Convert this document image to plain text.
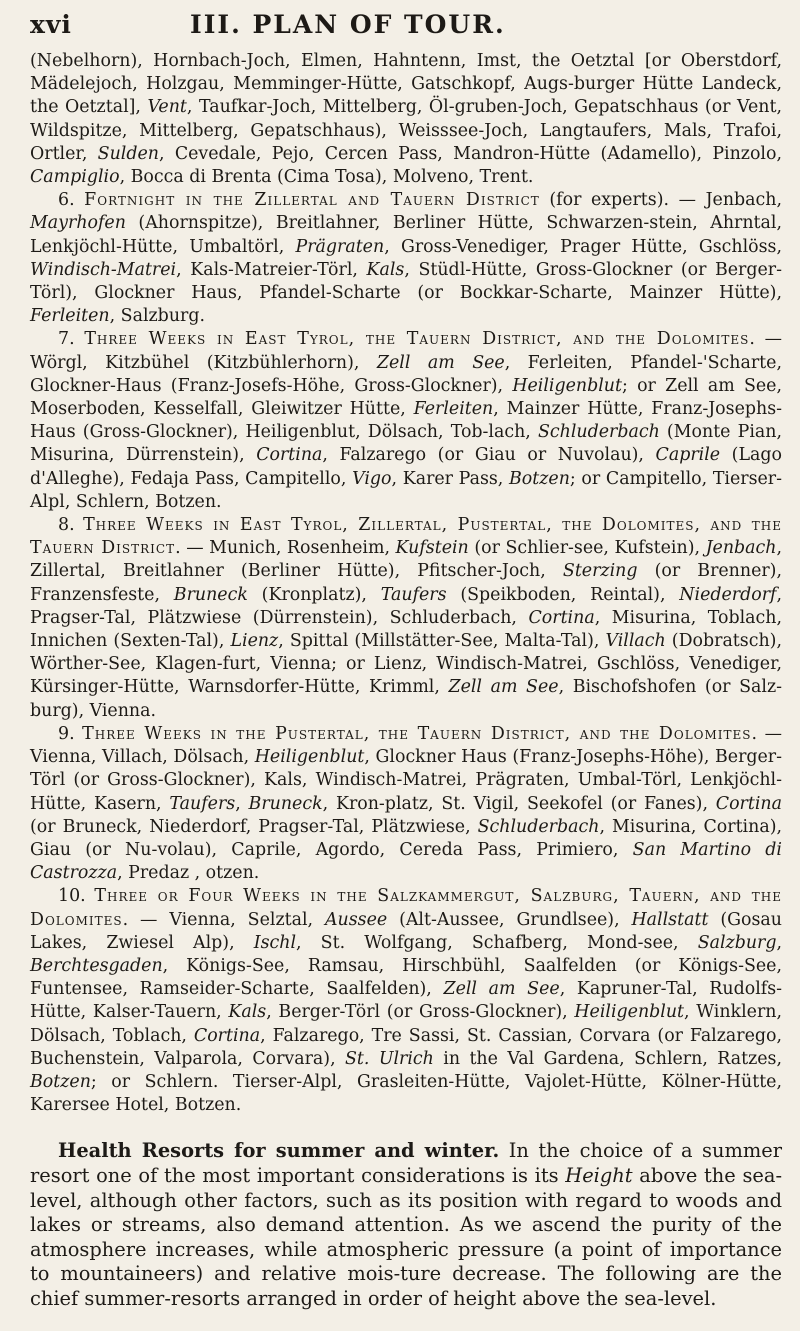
xvi	III. PLAN OF TOUR.

(Nebelhorn), Hornbach-Joch, Elmen, Hahntenn, Imst, the Oetztal [or Oberstdorf, Mädelejoch, Holzgau, Memminger-Hütte, Gatschkopf, Augs-burger Hütte Landeck, the Oetztal], Vent, Taufkar-Joch, Mittelberg, Öl-gruben-Joch, Gepatschhaus (or Vent, Wildspitze, Mittelberg, Gepatschhaus), Weisssee-Joch, Langtaufers, Mals, Trafoi, Ortler, Sulden, Cevedale, Pejo, Cercen Pass, Mandron-Hütte (Adamello), Pinzolo, Campiglio, Bocca di Brenta (Cima Tosa), Molveno, Trent.

6. Fortnight in the Zillertal and Tauern District (for experts). — Jenbach, Mayrhofen (Ahornspitze), Breitlahner, Berliner Hütte, Schwarzen-stein, Ahrntal, Lenkjöchl-Hütte, Umbaltörl, Prägraten, Gross-Venediger, Prager Hütte, Gschlöss, Windisch-Matrei, Kals-Matreier-Törl, Kals, Stüdl-Hütte, Gross-Glockner (or Berger-Törl), Glockner Haus, Pfandel-Scharte (or Bockkar-Scharte, Mainzer Hütte), Ferleiten, Salzburg.

7. Three Weeks in East Tyrol, the Tauern District, and the Dolomites. — Wörgl, Kitzbühel (Kitzbühlerhorn), Zell am See, Ferleiten, Pfandel-'Scharte, Glockner-Haus (Franz-Josefs-Höhe, Gross-Glockner), Heiligenblut; or Zell am See, Moserboden, Kesselfall, Gleiwitzer Hütte, Ferleiten, Mainzer Hütte, Franz-Josephs-Haus (Gross-Glockner), Heiligenblut, Dölsach, Tob-lach, Schluderbach (Monte Pian, Misurina, Dürrenstein), Cortina, Falzarego (or Giau or Nuvolau), Caprile (Lago d'Alleghe), Fedaja Pass, Campitello, Vigo, Karer Pass, Botzen; or Campitello, Tierser-Alpl, Schlern, Botzen.

8. Three Weeks in East Tyrol, Zillertal, Pustertal, the Dolomites, and the Tauern District. — Munich, Rosenheim, Kufstein (or Schlier-see, Kufstein), Jenbach, Zillertal, Breitlahner (Berliner Hütte), Pfitscher-Joch, Sterzing (or Brenner), Franzensfeste, Bruneck (Kronplatz), Taufers (Speikboden, Reintal), Niederdorf, Pragser-Tal, Plätzwiese (Dürrenstein), Schluderbach, Cortina, Misurina, Toblach, Innichen (Sexten-Tal), Lienz, Spittal (Millstätter-See, Malta-Tal), Villach (Dobratsch), Wörther-See, Klagen-furt, Vienna; or Lienz, Windisch-Matrei, Gschlöss, Venediger, Kürsinger-Hütte, Warnsdorfer-Hütte, Krimml, Zell am See, Bischofshofen (or Salz-burg), Vienna.

9. Three Weeks in the Pustertal, the Tauern District, and the Dolomites. — Vienna, Villach, Dölsach, Heiligenblut, Glockner Haus (Franz-Josephs-Höhe), Berger-Törl (or Gross-Glockner), Kals, Windisch-Matrei, Prägraten, Umbal-Törl, Lenkjöchl-Hütte, Kasern, Taufers, Bruneck, Kron-platz, St. Vigil, Seekofel (or Fanes), Cortina (or Bruneck, Niederdorf, Pragser-Tal, Plätzwiese, Schluderbach, Misurina, Cortina), Giau (or Nu-volau), Caprile, Agordo, Cereda Pass, Primiero, San Martino di Castrozza, Predaz , otzen.

10. Three or Four Weeks in the Salzkammergut, Salzburg, Tauern, and the Dolomites. — Vienna, Selztal, Aussee (Alt-Aussee, Grundlsee), Hallstatt (Gosau Lakes, Zwiesel Alp), Ischl, St. Wolfgang, Schafberg, Mond-see, Salzburg, Berchtesgaden, Königs-See, Ramsau, Hirschbühl, Saalfelden (or Königs-See, Funtensee, Ramseider-Scharte, Saalfelden), Zell am See, Kapruner-Tal, Rudolfs-Hütte, Kalser-Tauern, Kals, Berger-Törl (or Gross-Glockner), Heiligenblut, Winklern, Dölsach, Toblach, Cortina, Falzarego, Tre Sassi, St. Cassian, Corvara (or Falzarego, Buchenstein, Valparola, Corvara), St. Ulrich in the Val Gardena, Schlern, Ratzes, Botzen; or Schlern. Tierser-Alpl, Grasleiten-Hütte, Vajolet-Hütte, Kölner-Hütte, Karersee Hotel, Botzen.

Health Resorts for summer and winter. In the choice of a summer resort one of the most important considerations is its Height above the sea-level, although other factors, such as its position with regard to woods and lakes or streams, also demand attention. As we ascend the purity of the atmosphere increases, while atmospheric pressure (a point of importance to mountaineers) and relative mois-ture decrease. The following are the chief summer-resorts arranged in order of height above the sea-level.
